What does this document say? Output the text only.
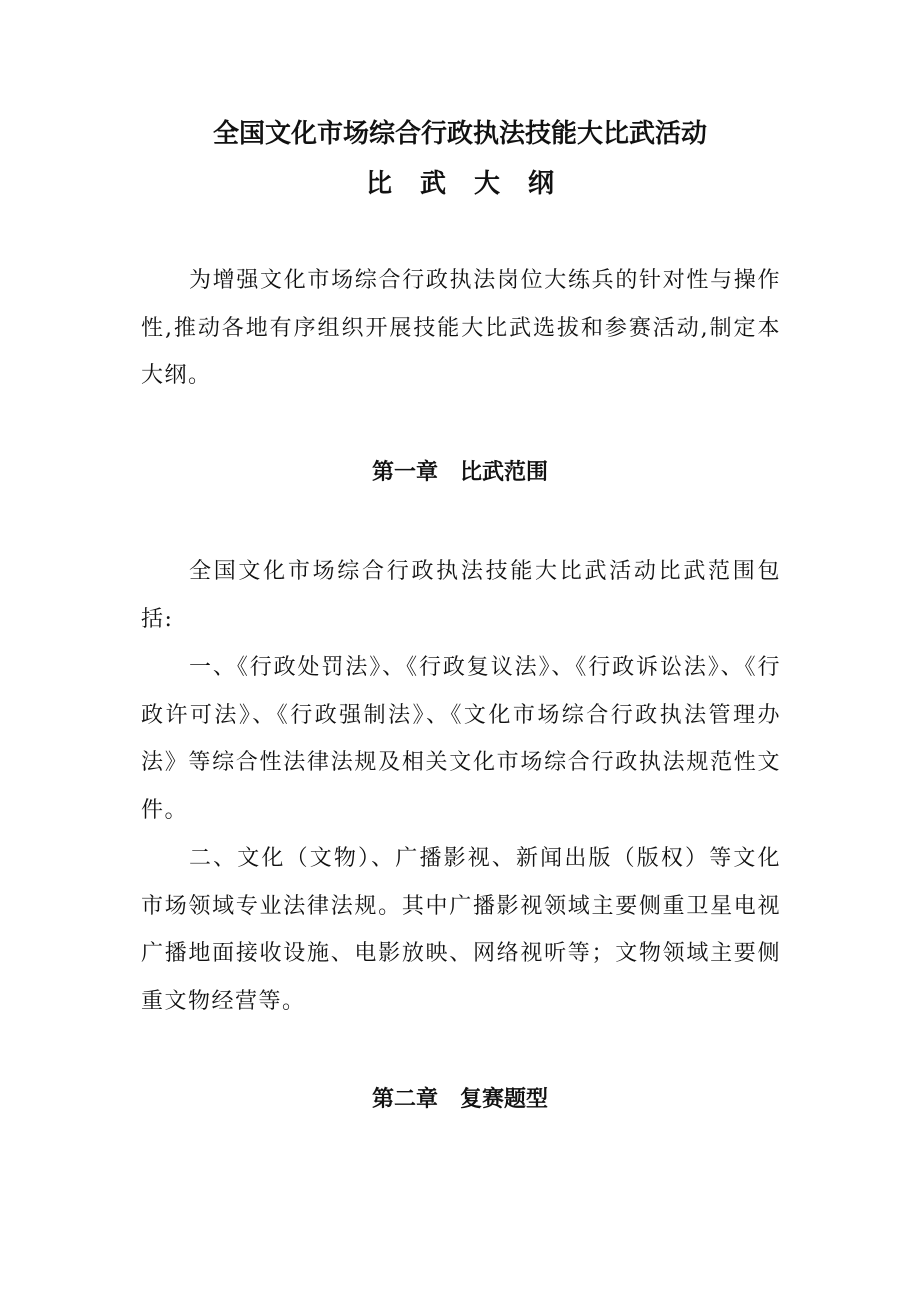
全国文化市场综合行政执法技能大比武活动
比武大纲

为增强文化市场综合行政执法岗位大练兵的针对性与操作性,推动各地有序组织开展技能大比武选拔和参赛活动,制定本大纲。

第一章　比武范围

全国文化市场综合行政执法技能大比武活动比武范围包括:

一、《行政处罚法》、《行政复议法》、《行政诉讼法》、《行政许可法》、《行政强制法》、《文化市场综合行政执法管理办法》等综合性法律法规及相关文化市场综合行政执法规范性文件。

二、文化（文物）、广播影视、新闻出版（版权）等文化市场领域专业法律法规。其中广播影视领域主要侧重卫星电视广播地面接收设施、电影放映、网络视听等；文物领域主要侧重文物经营等。

第二章　复赛题型
